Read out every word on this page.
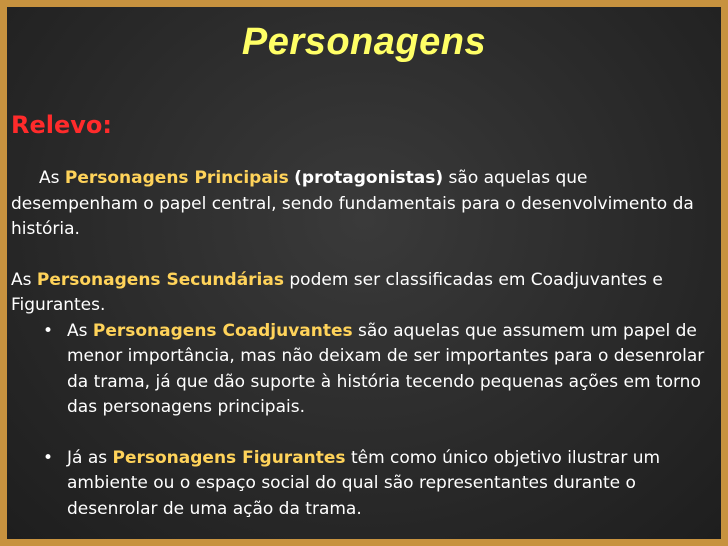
Personagens
Relevo:

As Personagens Principais (protagonistas) são aquelas que desempenham o papel central, sendo fundamentais para o desenvolvimento da história.

As Personagens Secundárias podem ser classificadas em Coadjuvantes e Figurantes.

• As Personagens Coadjuvantes são aquelas que assumem um papel de menor importância, mas não deixam de ser importantes para o desenrolar da trama, já que dão suporte à história tecendo pequenas ações em torno das personagens principais.
• Já as Personagens Figurantes têm como único objetivo ilustrar um ambiente ou o espaço social do qual são representantes durante o desenrolar de uma ação da trama.
